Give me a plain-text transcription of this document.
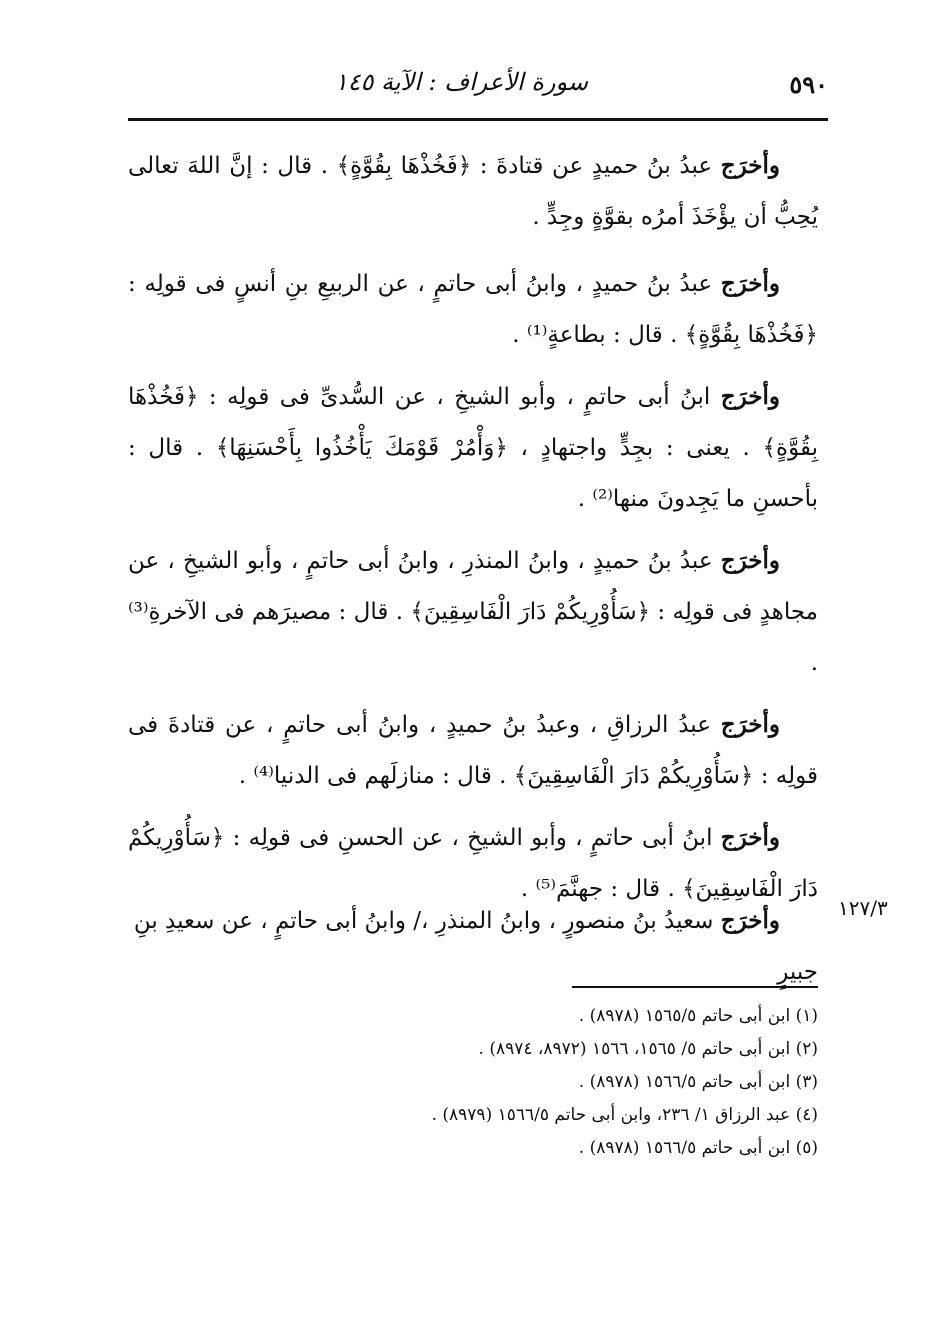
٥٩٠
سورة الأعراف : الآية ١٤٥

وأخرَج عبدُ بنُ حميدٍ عن قتادةَ : ﴿فَخُذْهَا بِقُوَّةٍ﴾ . قال : إنَّ اللهَ تعالى يُحِبُّ أن يؤْخَذَ أمرُه بقوَّةٍ وجِدٍّ .

وأخرَج عبدُ بنُ حميدٍ ، وابنُ أبى حاتمٍ ، عن الربيعِ بنِ أنسٍ فى قولِه : ﴿فَخُذْهَا بِقُوَّةٍ﴾ . قال : بطاعةٍ⁽¹⁾ .

وأخرَج ابنُ أبى حاتمٍ ، وأبو الشيخِ ، عن السُّدىِّ فى قولِه : ﴿فَخُذْهَا بِقُوَّةٍ﴾ . يعنى : بجِدٍّ واجتهادٍ ، ﴿وَأْمُرْ قَوْمَكَ يَأْخُذُوا بِأَحْسَنِهَا﴾ . قال : بأحسنِ ما يَجِدونَ منها⁽²⁾ .

وأخرَج عبدُ بنُ حميدٍ ، وابنُ المنذرِ ، وابنُ أبى حاتمٍ ، وأبو الشيخِ ، عن مجاهدٍ فى قولِه : ﴿سَأُوْرِيكُمْ دَارَ الْفَاسِقِينَ﴾ . قال : مصيرَهم فى الآخرةِ⁽³⁾ .

وأخرَج عبدُ الرزاقِ ، وعبدُ بنُ حميدٍ ، وابنُ أبى حاتمٍ ، عن قتادةَ فى قولِه : ﴿سَأُوْرِيكُمْ دَارَ الْفَاسِقِينَ﴾ . قال : منازلَهم فى الدنيا⁽⁴⁾ .

وأخرَج ابنُ أبى حاتمٍ ، وأبو الشيخِ ، عن الحسنِ فى قولِه : ﴿سَأُوْرِيكُمْ دَارَ الْفَاسِقِينَ﴾ . قال : جهنَّمَ⁽⁵⁾ .

وأخرَج سعيدُ بنُ منصورٍ ، وابنُ المنذرِ ،/ وابنُ أبى حاتمٍ ، عن سعيدِ بنِ جبيرٍ
١٢٧/٣

(١) ابن أبى حاتم ١٥٦٥/٥ (٨٩٧٨) .

(٢) ابن أبى حاتم ٥/ ١٥٦٥، ١٥٦٦ (٨٩٧٢، ٨٩٧٤) .

(٣) ابن أبى حاتم ١٥٦٦/٥ (٨٩٧٨) .

(٤) عبد الرزاق ١/ ٢٣٦، وابن أبى حاتم ١٥٦٦/٥ (٨٩٧٩) .

(٥) ابن أبى حاتم ١٥٦٦/٥ (٨٩٧٨) .
